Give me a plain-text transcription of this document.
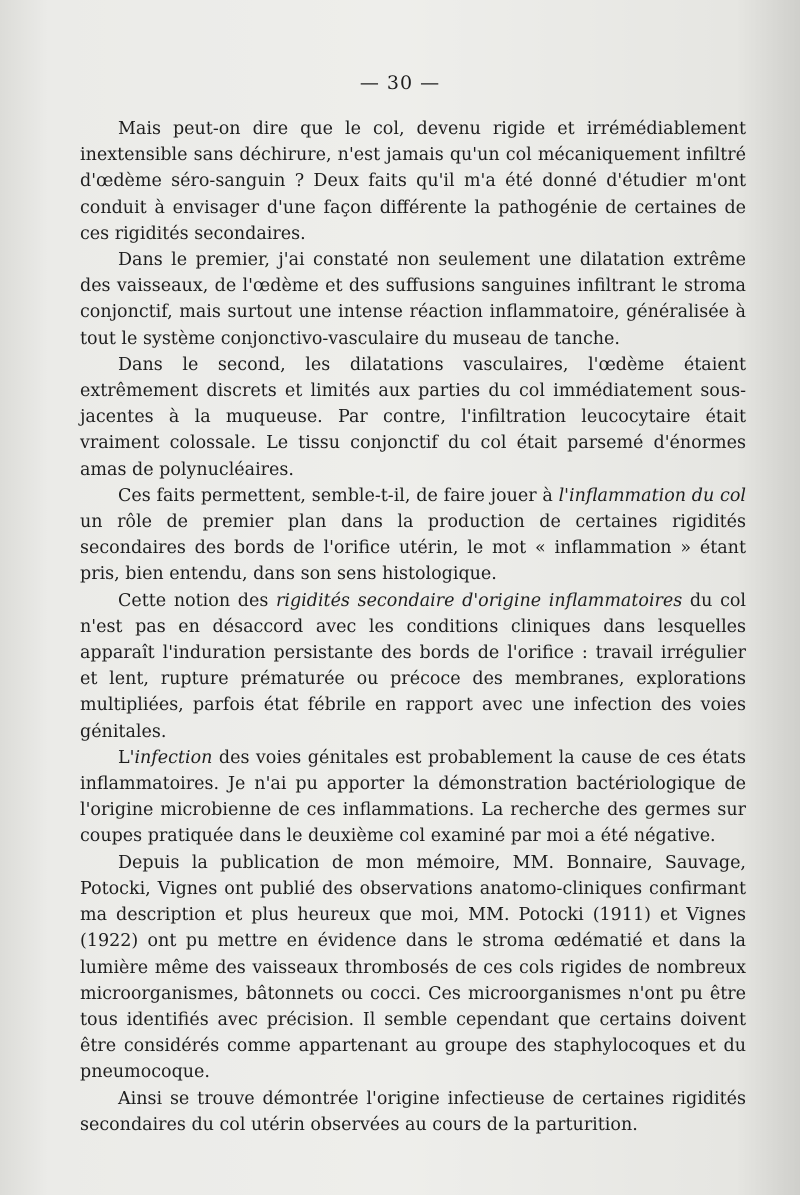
— 30 —

Mais peut-on dire que le col, devenu rigide et irrémédiablement inextensible sans déchirure, n'est jamais qu'un col mécaniquement infiltré d'œdème séro-sanguin ? Deux faits qu'il m'a été donné d'étudier m'ont conduit à envisager d'une façon différente la pathogénie de certaines de ces rigidités secondaires.

Dans le premier, j'ai constaté non seulement une dilatation extrême des vaisseaux, de l'œdème et des suffusions sanguines infiltrant le stroma conjonctif, mais surtout une intense réaction inflammatoire, généralisée à tout le système conjonctivo-vasculaire du museau de tanche.

Dans le second, les dilatations vasculaires, l'œdème étaient extrêmement discrets et limités aux parties du col immédiatement sous-jacentes à la muqueuse. Par contre, l'infiltration leucocytaire était vraiment colossale. Le tissu conjonctif du col était parsemé d'énormes amas de polynucléaires.

Ces faits permettent, semble-t-il, de faire jouer à l'inflammation du col un rôle de premier plan dans la production de certaines rigidités secondaires des bords de l'orifice utérin, le mot « inflammation » étant pris, bien entendu, dans son sens histologique.

Cette notion des rigidités secondaire d'origine inflammatoires du col n'est pas en désaccord avec les conditions cliniques dans lesquelles apparaît l'induration persistante des bords de l'orifice : travail irrégulier et lent, rupture prématurée ou précoce des membranes, explorations multipliées, parfois état fébrile en rapport avec une infection des voies génitales.

L'infection des voies génitales est probablement la cause de ces états inflammatoires. Je n'ai pu apporter la démonstration bactériologique de l'origine microbienne de ces inflammations. La recherche des germes sur coupes pratiquée dans le deuxième col examiné par moi a été négative.

Depuis la publication de mon mémoire, MM. Bonnaire, Sauvage, Potocki, Vignes ont publié des observations anatomo-cliniques confirmant ma description et plus heureux que moi, MM. Potocki (1911) et Vignes (1922) ont pu mettre en évidence dans le stroma œdématié et dans la lumière même des vaisseaux thrombosés de ces cols rigides de nombreux microorganismes, bâtonnets ou cocci. Ces microorganismes n'ont pu être tous identifiés avec précision. Il semble cependant que certains doivent être considérés comme appartenant au groupe des staphylocoques et du pneumocoque.

Ainsi se trouve démontrée l'origine infectieuse de certaines rigidités secondaires du col utérin observées au cours de la parturition.
